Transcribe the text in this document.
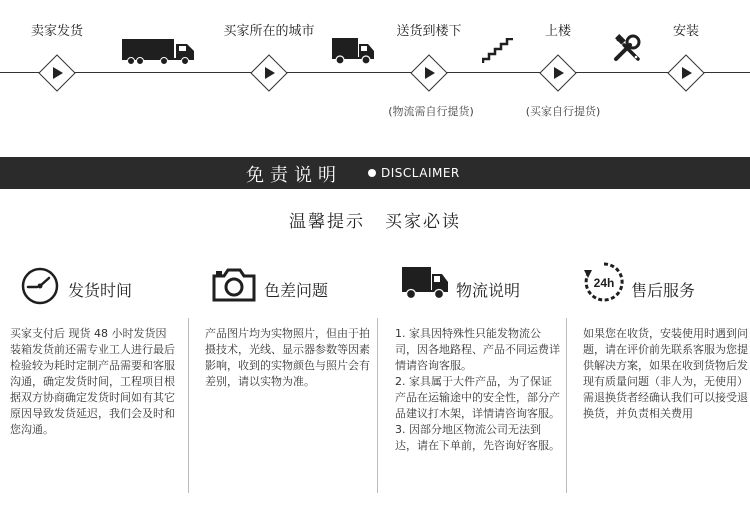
卖家发货	买家所在的城市	送货到楼下	上楼	安装
(物流需自行提货)	(买家自行提货)
免责说明	DISCLAIMER
温馨提示 买家必读
发货时间	色差问题	物流说明	24h 售后服务
买家支付后 现货 48 小时发货因装箱发货前还需专业工人进行最后检验较为耗时定制产品需要和客服沟通，确定发货时间，工程项目根据双方协商确定发货时间如有其它原因导致发货延迟，我们会及时和您沟通。
产品图片均为实物照片，但由于拍摄技术，光线、显示器参数等因素影响，收到的实物颜色与照片会有差别，请以实物为准。
1. 家具因特殊性只能发物流公司，因各地路程、产品不同运费详情请咨询客服。
2. 家具属于大件产品，为了保证产品在运输途中的安全性，部分产品建议打木架，详情请咨询客服。
3. 因部分地区物流公司无法到达，请在下单前，先咨询好客服。
如果您在收货，安装使用时遇到问题，请在评价前先联系客服为您提供解决方案，如果在收到货物后发现有质量问题（非人为，无使用）需退换货者经确认我们可以接受退换货，并负责相关费用
